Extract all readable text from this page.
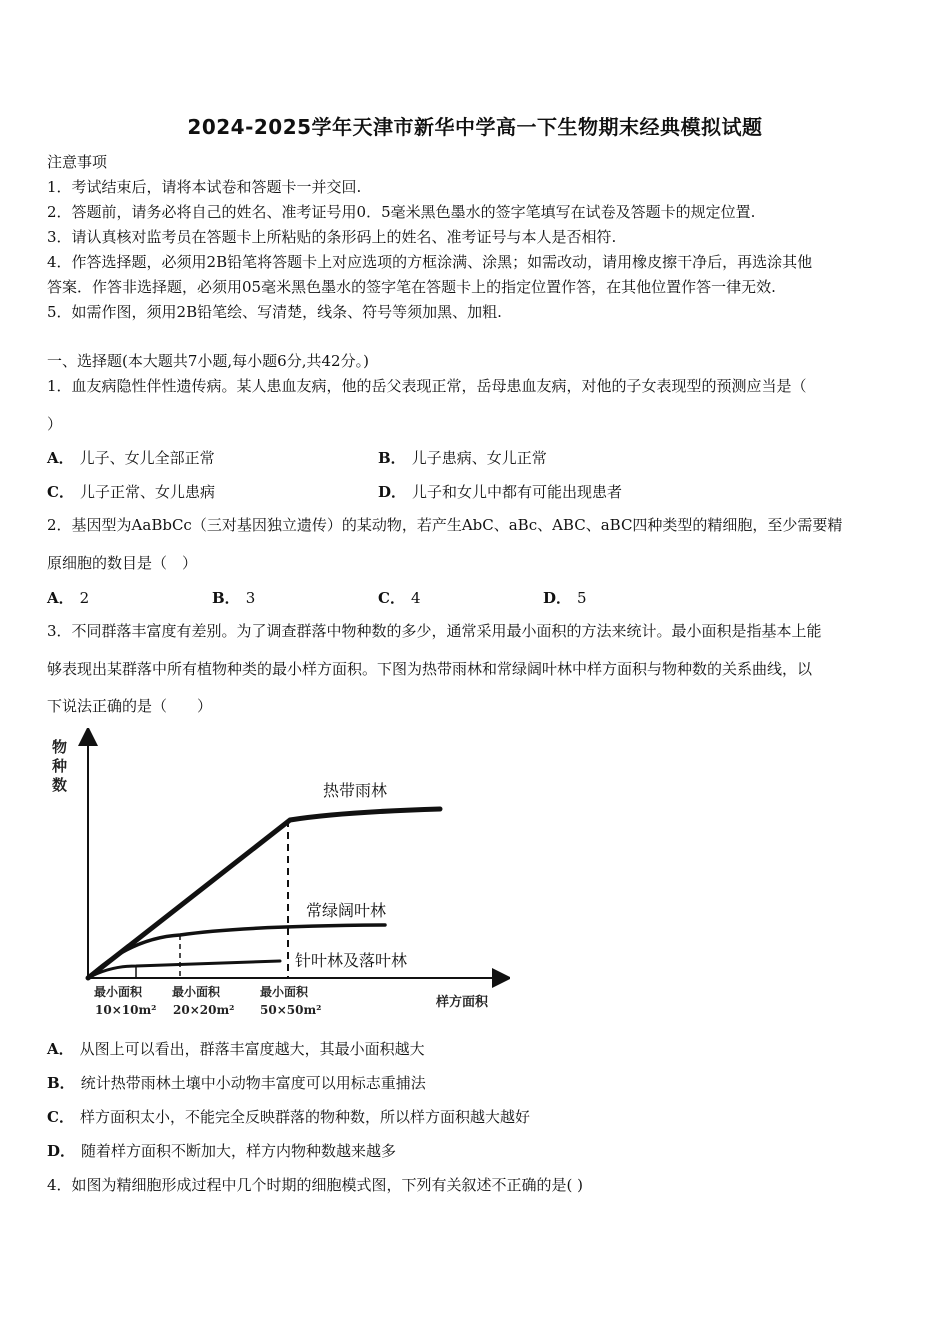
2024-2025学年天津市新华中学高一下生物期末经典模拟试题
注意事项
1．考试结束后，请将本试卷和答题卡一并交回.
2．答题前，请务必将自己的姓名、准考证号用0．5毫米黑色墨水的签字笔填写在试卷及答题卡的规定位置.
3．请认真核对监考员在答题卡上所粘贴的条形码上的姓名、准考证号与本人是否相符.
4．作答选择题，必须用2B铅笔将答题卡上对应选项的方框涂满、涂黑；如需改动，请用橡皮擦干净后，再选涂其他
答案．作答非选择题，必须用05毫米黑色墨水的签字笔在答题卡上的指定位置作答，在其他位置作答一律无效.
5．如需作图，须用2B铅笔绘、写清楚，线条、符号等须加黑、加粗.
一、选择题(本大题共7小题,每小题6分,共42分。)
1．血友病隐性伴性遗传病。某人患血友病，他的岳父表现正常，岳母患血友病，对他的子女表现型的预测应当是（
）
A． 儿子、女儿全部正常	B． 儿子患病、女儿正常
C． 儿子正常、女儿患病	D． 儿子和女儿中都有可能出现患者
2．基因型为AaBbCc（三对基因独立遗传）的某动物，若产生AbC、aBc、ABC、aBC四种类型的精细胞，至少需要精
原细胞的数目是（　）
A． 2	B． 3	C． 4	D． 5
3．不同群落丰富度有差别。为了调查群落中物种数的多少，通常采用最小面积的方法来统计。最小面积是指基本上能
够表现出某群落中所有植物种类的最小样方面积。下图为热带雨林和常绿阔叶林中样方面积与物种数的关系曲线，以
下说法正确的是（　　）
物种数	热带雨林
常绿阔叶林
针叶林及落叶林
最小面积
10×10m²
最小面积
20×20m²
最小面积
50×50m²	样方面积
A． 从图上可以看出，群落丰富度越大，其最小面积越大
B． 统计热带雨林土壤中小动物丰富度可以用标志重捕法
C． 样方面积太小，不能完全反映群落的物种数，所以样方面积越大越好
D． 随着样方面积不断加大，样方内物种数越来越多
4．如图为精细胞形成过程中几个时期的细胞模式图，下列有关叙述不正确的是( )
